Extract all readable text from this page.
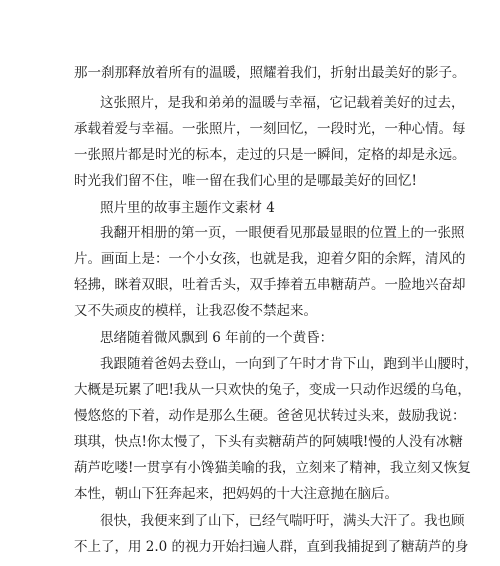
那一刹那释放着所有的温暖，照耀着我们，折射出最美好的影子。
这张照片，是我和弟弟的温暖与幸福，它记载着美好的过去，
承载着爱与幸福。一张照片，一刻回忆，一段时光，一种心情。每
一张照片都是时光的标本，走过的只是一瞬间，定格的却是永远。
时光我们留不住，唯一留在我们心里的是哪最美好的回忆!
照片里的故事主题作文素材 4
我翻开相册的第一页，一眼便看见那最显眼的位置上的一张照
片。画面上是：一个小女孩，也就是我，迎着夕阳的余辉，清风的
轻拂，眯着双眼，吐着舌头，双手捧着五串糖葫芦。一脸地兴奋却
又不失顽皮的模样，让我忍俊不禁起来。
思绪随着微风飘到 6 年前的一个黄昏：
我跟随着爸妈去登山，一向到了午时才肯下山，跑到半山腰时，
大概是玩累了吧!我从一只欢快的兔子，变成一只动作迟缓的乌龟，
慢悠悠的下着，动作是那么生硬。爸爸见状转过头来，鼓励我说：
琪琪，快点!你太慢了，下头有卖糖葫芦的阿姨哦!慢的人没有冰糖
葫芦吃喽!一贯享有小馋猫美喻的我，立刻来了精神，我立刻又恢复
本性，朝山下狂奔起来，把妈妈的十大注意抛在脑后。
很快，我便来到了山下，已经气喘吁吁，满头大汗了。我也顾
不上了，用 2.0 的视力开始扫遍人群，直到我捕捉到了糖葫芦的身
